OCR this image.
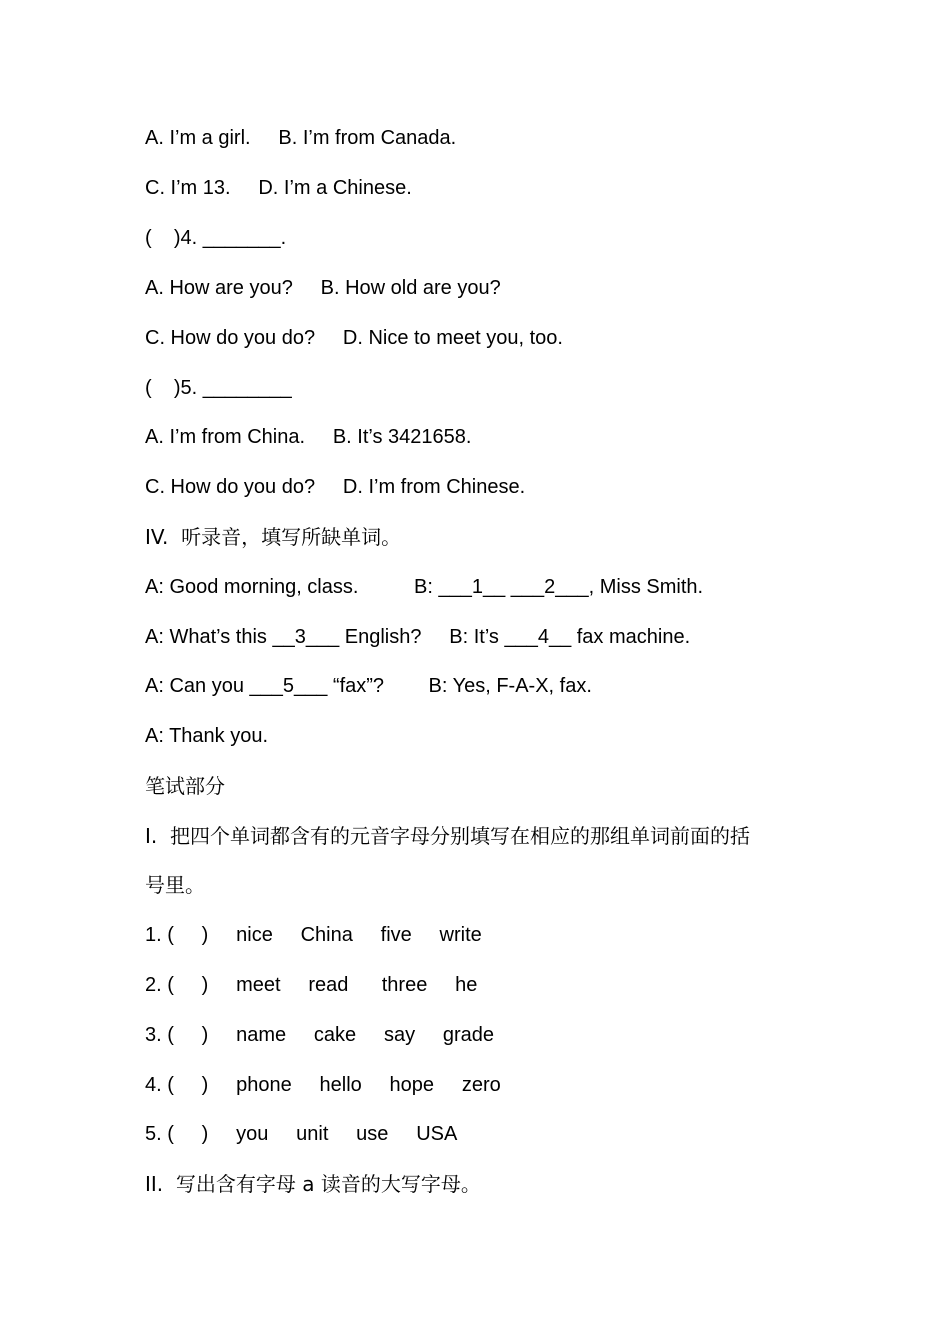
A. I’m a girl.     B. I’m from Canada.
C. I’m 13.     D. I’m a Chinese.
(    )4. _______.
A. How are you?     B. How old are you?
C. How do you do?     D. Nice to meet you, too.
(    )5. ________
A. I’m from China.     B. It’s 3421658.
C. How do you do?     D. I’m from Chinese.
IV.  听录音，填写所缺单词。
A: Good morning, class.          B: ___1__ ___2___, Miss Smith.
A: What’s this __3___ English?     B: It’s ___4__ fax machine.
A: Can you ___5___ “fax”?        B: Yes, F-A-X, fax.
A: Thank you.
笔试部分
I.  把四个单词都含有的元音字母分别填写在相应的那组单词前面的括
号里。
1. (     )     nice     China     five     write
2. (     )     meet     read      three     he
3. (     )     name     cake     say     grade
4. (     )     phone     hello     hope     zero
5. (     )     you     unit     use     USA
II.  写出含有字母 a 读音的大写字母。
